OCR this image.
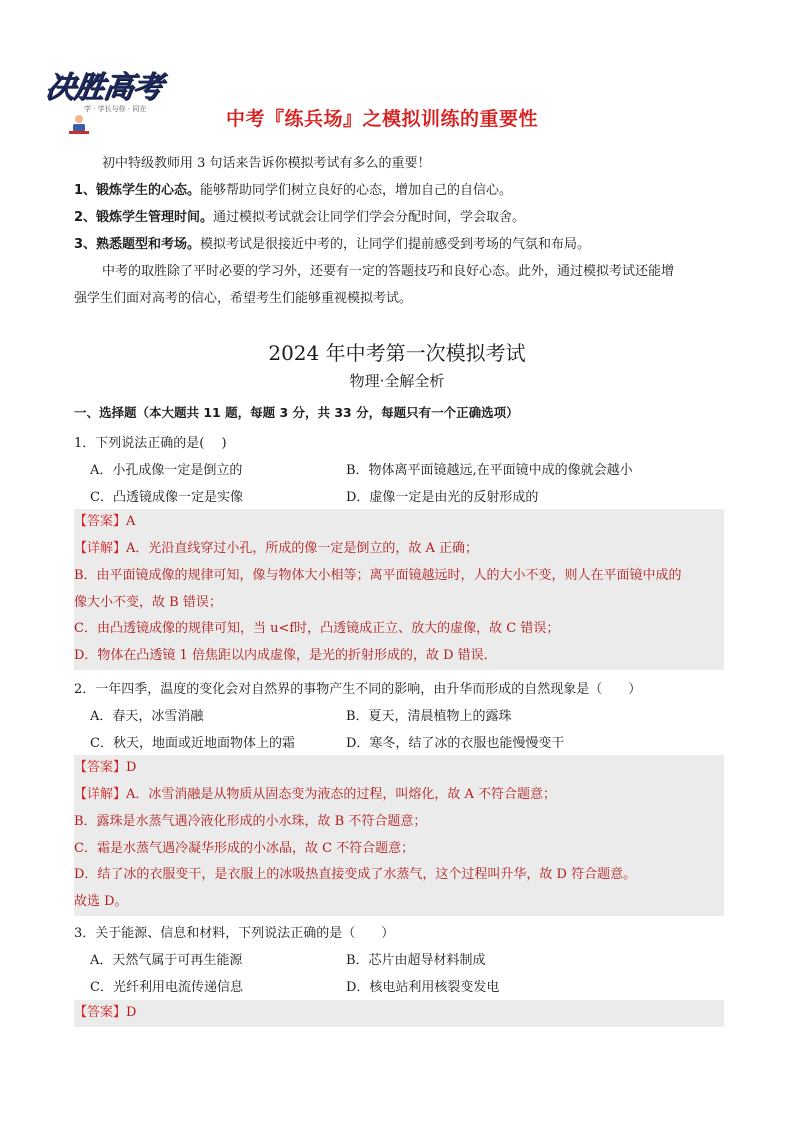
决胜高考
学 · 学长与你 · 同在	中考『练兵场』之模拟训练的重要性

初中特级教师用 3 句话来告诉你模拟考试有多么的重要！

1、锻炼学生的心态。能够帮助同学们树立良好的心态，增加自己的自信心。

2、锻炼学生管理时间。通过模拟考试就会让同学们学会分配时间，学会取舍。

3、熟悉题型和考场。模拟考试是很接近中考的，让同学们提前感受到考场的气氛和布局。

中考的取胜除了平时必要的学习外，还要有一定的答题技巧和良好心态。此外，通过模拟考试还能增

强学生们面对高考的信心，希望考生们能够重视模拟考试。

2024 年中考第一次模拟考试
物理·全解全析
一、选择题（本大题共 11 题，每题 3 分，共 33 分，每题只有一个正确选项）
1．下列说法正确的是(　 )
A．小孔成像一定是倒立的	B．物体离平面镜越远,在平面镜中成的像就会越小
C．凸透镜成像一定是实像	D．虚像一定是由光的反射形成的
【答案】A
【详解】A．光沿直线穿过小孔，所成的像一定是倒立的，故 A 正确；
B．由平面镜成像的规律可知，像与物体大小相等；离平面镜越远时，人的大小不变，则人在平面镜中成的
像大小不变，故 B 错误；
C．由凸透镜成像的规律可知，当 u<f时，凸透镜成正立、放大的虚像，故 C 错误；
D．物体在凸透镜 1 倍焦距以内成虚像，是光的折射形成的，故 D 错误．
2．一年四季，温度的变化会对自然界的事物产生不同的影响，由升华而形成的自然现象是（　　）
A．春天，冰雪消融	B．夏天，清晨植物上的露珠
C．秋天，地面或近地面物体上的霜	D．寒冬，结了冰的衣服也能慢慢变干
【答案】D
【详解】A．冰雪消融是从物质从固态变为液态的过程，叫熔化，故 A 不符合题意；
B．露珠是水蒸气遇冷液化形成的小水珠，故 B 不符合题意；
C．霜是水蒸气遇冷凝华形成的小冰晶，故 C 不符合题意；
D．结了冰的衣服变干，是衣服上的冰吸热直接变成了水蒸气，这个过程叫升华，故 D 符合题意。
故选 D。
3．关于能源、信息和材料，下列说法正确的是（　　）
A．天然气属于可再生能源	B．芯片由超导材料制成
C．光纤利用电流传递信息	D．核电站利用核裂变发电
【答案】D
